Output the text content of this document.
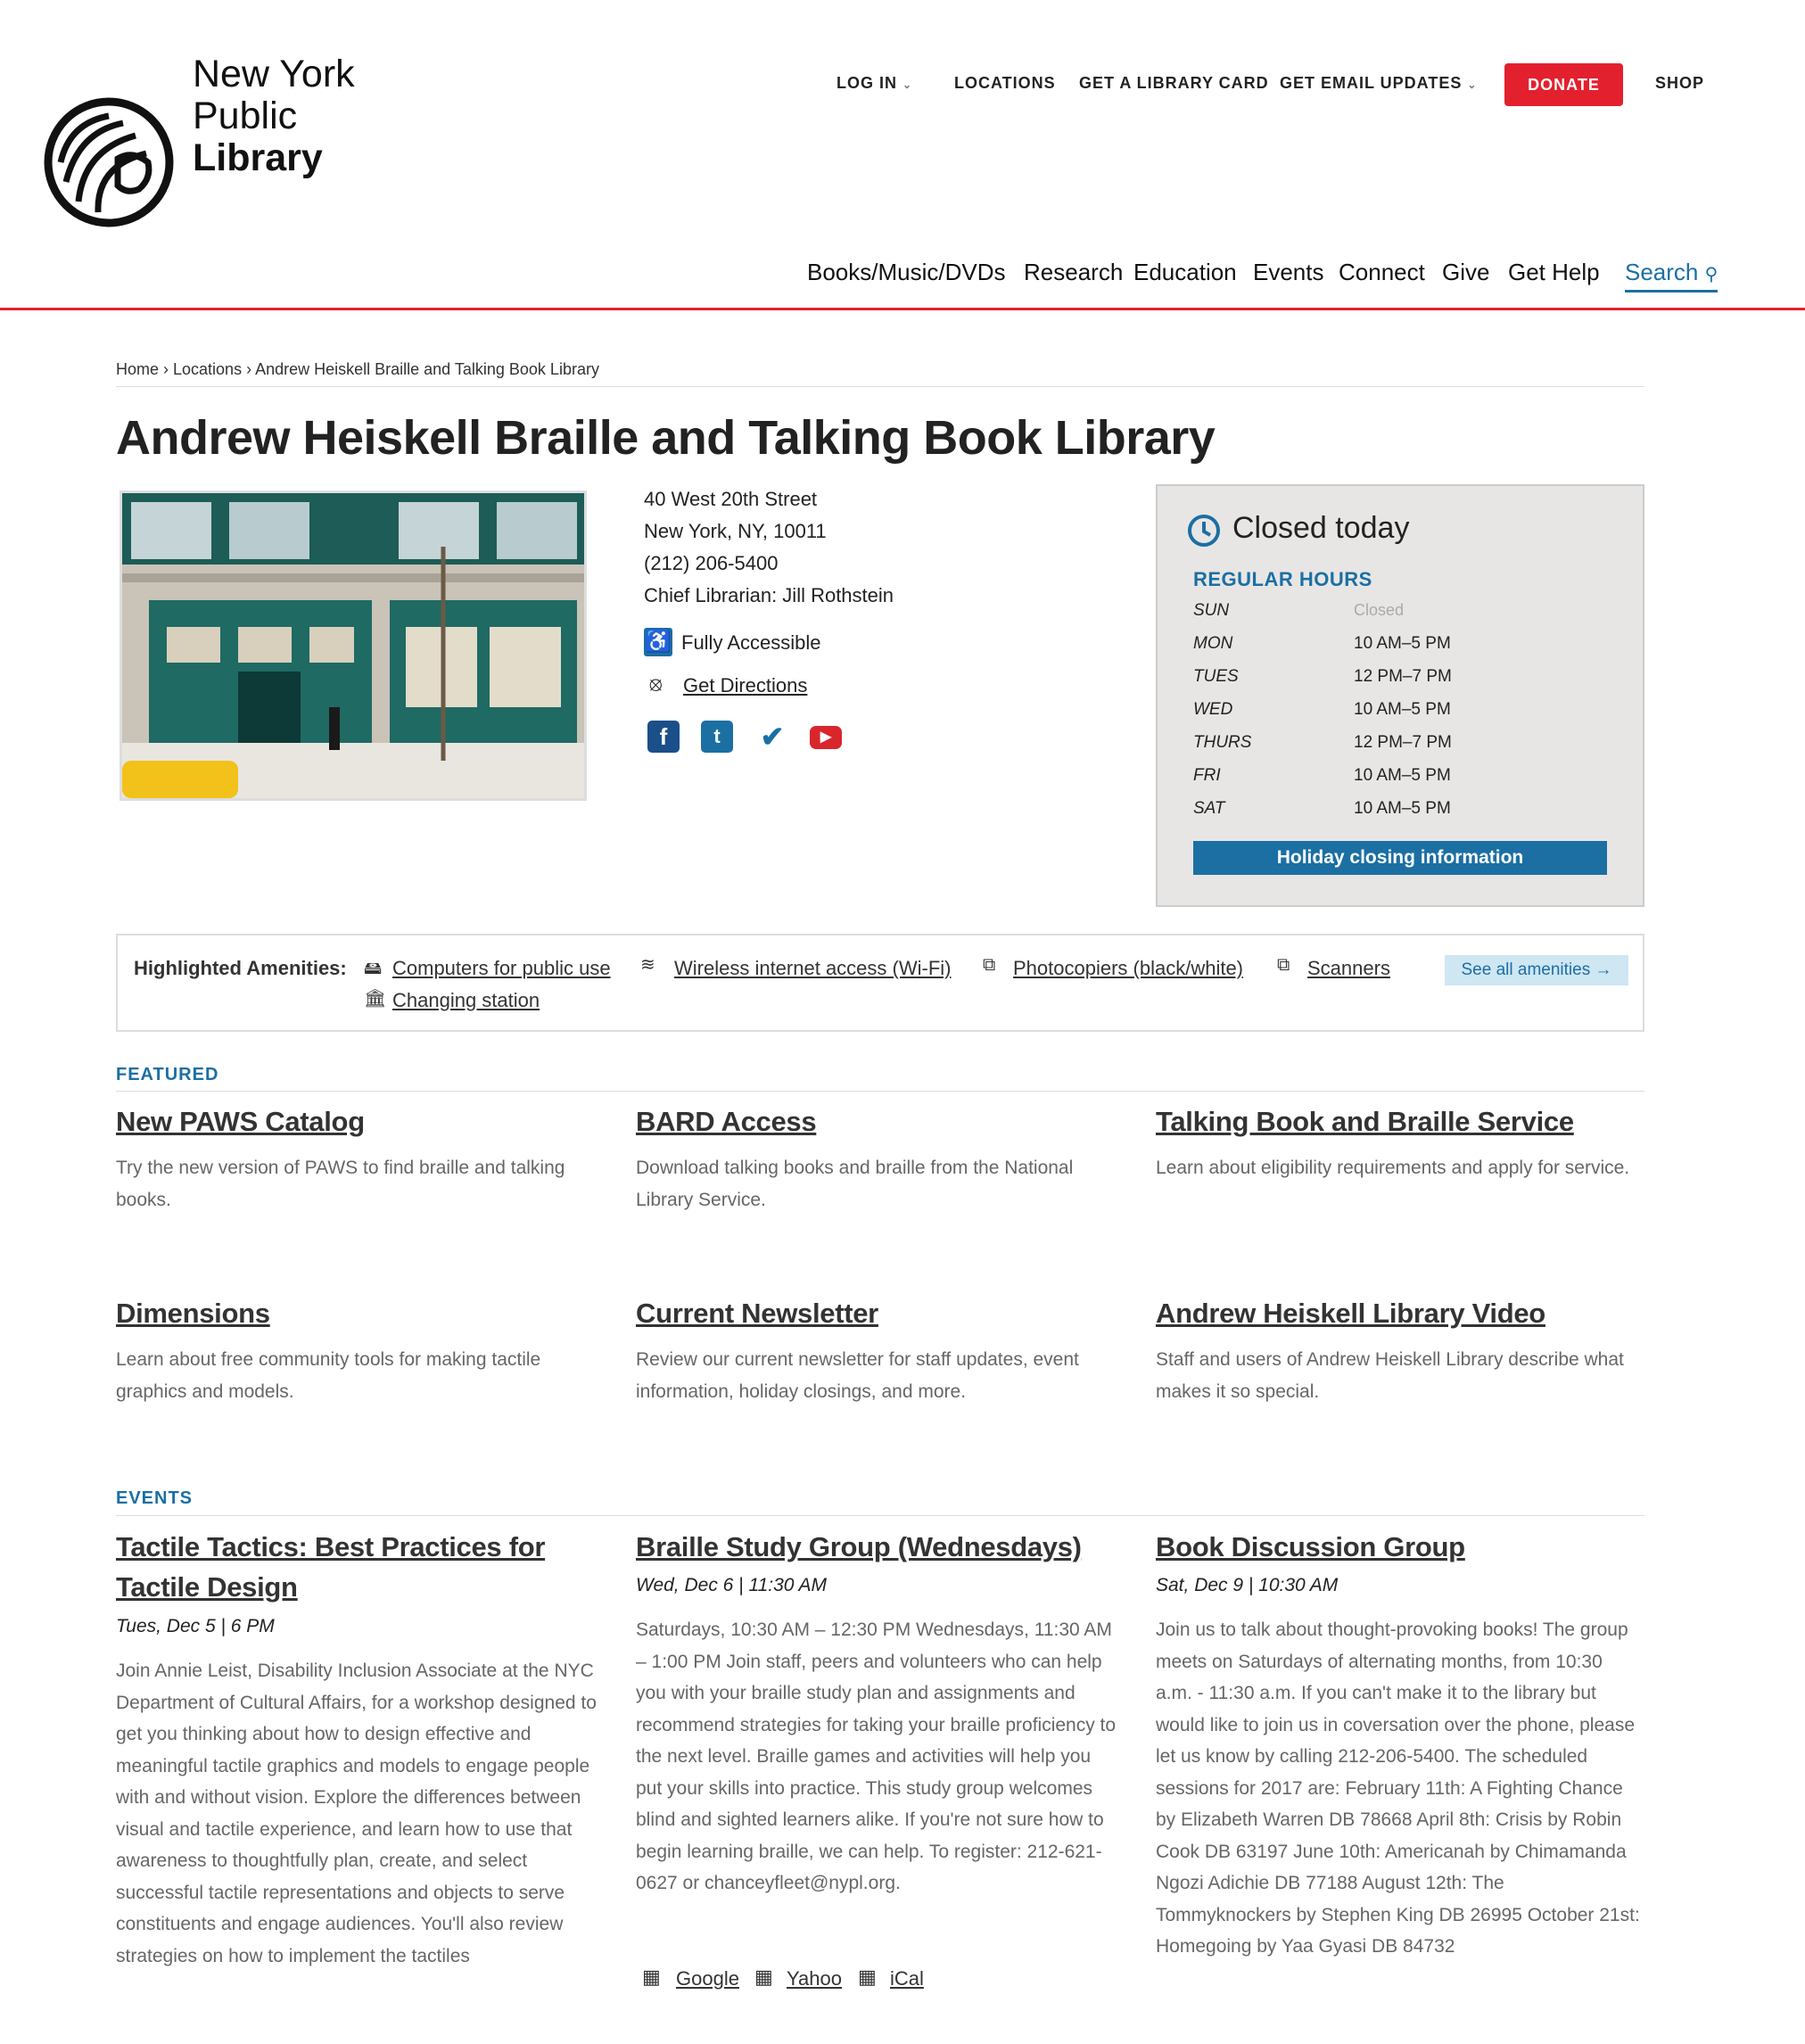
New York
Public
Library
LOG IN ⌄	LOCATIONS GET A LIBRARY CARD GET EMAIL UPDATES ⌄	DONATE	SHOP
Books/Music/DVDs Research Education Events Connect Give Get Help Search ⚲
Home › Locations › Andrew Heiskell Braille and Talking Book Library
Andrew Heiskell Braille and Talking Book Library
40 West 20th Street
New York, NY, 10011
(212) 206-5400
Chief Librarian: Jill Rothstein
♿ Fully Accessible
⦻ Get Directions
f	t	✔	▶
Closed today
REGULAR HOURS
SUN	Closed
MON	10 AM–5 PM
TUES	12 PM–7 PM
WED	10 AM–5 PM
THURS	12 PM–7 PM
FRI	10 AM–5 PM
SAT	10 AM–5 PM
Holiday closing information
Highlighted Amenities: 🖴 Computers for public use ≋ Wireless internet access (Wi-Fi) ⧉ Photocopiers (black/white) ⧉ Scanners
🏛 Changing station
See all amenities →
FEATURED
New PAWS Catalog
Try the new version of PAWS to find braille and talking books.
BARD Access
Download talking books and braille from the National Library Service.
Talking Book and Braille Service
Learn about eligibility requirements and apply for service.
Dimensions
Learn about free community tools for making tactile graphics and models.
Current Newsletter
Review our current newsletter for staff updates, event information, holiday closings, and more.
Andrew Heiskell Library Video
Staff and users of Andrew Heiskell Library describe what makes it so special.
EVENTS
Tactile Tactics: Best Practices for Tactile Design
Tues, Dec 5 | 6 PM
Join Annie Leist, Disability Inclusion Associate at the NYC Department of Cultural Affairs, for a workshop designed to get you thinking about how to design effective and meaningful tactile graphics and models to engage people with and without vision. Explore the differences between visual and tactile experience, and learn how to use that awareness to thoughtfully plan, create, and select successful tactile representations and objects to serve constituents and engage audiences. You'll also review strategies on how to implement the tactiles
Braille Study Group (Wednesdays)
Wed, Dec 6 | 11:30 AM
Saturdays, 10:30 AM – 12:30 PM Wednesdays, 11:30 AM – 1:00 PM Join staff, peers and volunteers who can help you with your braille study plan and assignments and recommend strategies for taking your braille proficiency to the next level. Braille games and activities will help you put your skills into practice. This study group welcomes blind and sighted learners alike. If you're not sure how to begin learning braille, we can help. To register: 212-621-0627 or chanceyfleet@nypl.org.
▦ Google ▦ Yahoo ▦ iCal
Book Discussion Group
Sat, Dec 9 | 10:30 AM
Join us to talk about thought-provoking books! The group meets on Saturdays of alternating months, from 10:30 a.m. - 11:30 a.m. If you can't make it to the library but would like to join us in coversation over the phone, please let us know by calling 212-206-5400. The scheduled sessions for 2017 are: February 11th: A Fighting Chance by Elizabeth Warren DB 78668 April 8th: Crisis by Robin Cook DB 63197 June 10th: Americanah by Chimamanda Ngozi Adichie DB 77188 August 12th: The Tommyknockers by Stephen King DB 26995 October 21st: Homegoing by Yaa Gyasi DB 84732
